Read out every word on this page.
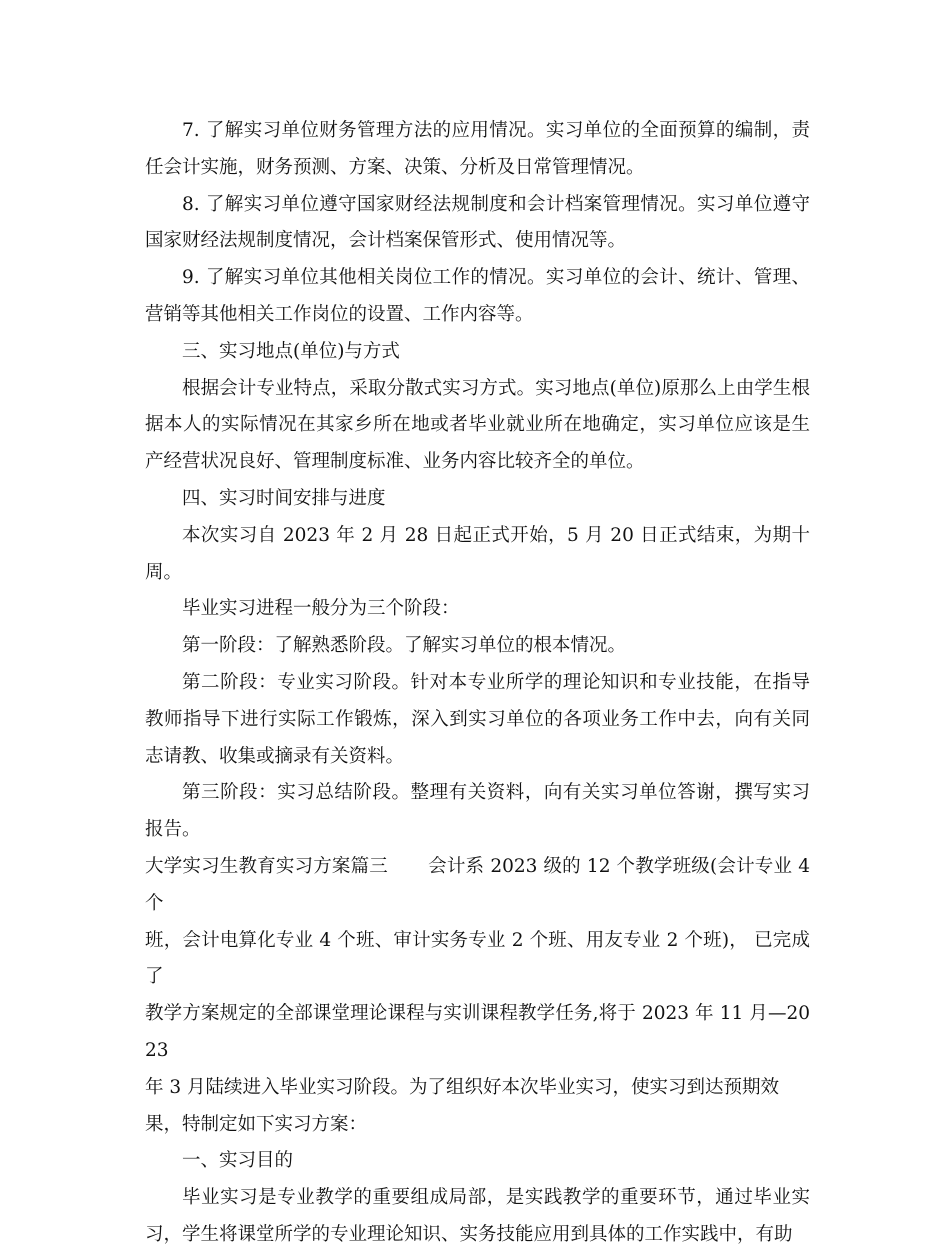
7. 了解实习单位财务管理方法的应用情况。实习单位的全面预算的编制，责任会计实施，财务预测、方案、决策、分析及日常管理情况。

8. 了解实习单位遵守国家财经法规制度和会计档案管理情况。实习单位遵守国家财经法规制度情况，会计档案保管形式、使用情况等。

9. 了解实习单位其他相关岗位工作的情况。实习单位的会计、统计、管理、营销等其他相关工作岗位的设置、工作内容等。

三、实习地点(单位)与方式

根据会计专业特点，采取分散式实习方式。实习地点(单位)原那么上由学生根据本人的实际情况在其家乡所在地或者毕业就业所在地确定，实习单位应该是生产经营状况良好、管理制度标准、业务内容比较齐全的单位。

四、实习时间安排与进度

本次实习自 2023 年 2 月 28 日起正式开始，5 月 20 日正式结束，为期十周。

毕业实习进程一般分为三个阶段：

第一阶段：了解熟悉阶段。了解实习单位的根本情况。

第二阶段：专业实习阶段。针对本专业所学的理论知识和专业技能，在指导教师指导下进行实际工作锻炼，深入到实习单位的各项业务工作中去，向有关同志请教、收集或摘录有关资料。

第三阶段：实习总结阶段。整理有关资料，向有关实习单位答谢，撰写实习报告。

大学实习生教育实习方案篇三 会计系 2023 级的 12 个教学班级(会计专业 4 个
班，会计电算化专业 4 个班、审计实务专业 2 个班、用友专业 2 个班)， 已完成了
教学方案规定的全部课堂理论课程与实训课程教学任务,将于 2023 年 11 月—2023
年 3 月陆续进入毕业实习阶段。为了组织好本次毕业实习，使实习到达预期效
果，特制定如下实习方案：

一、实习目的

毕业实习是专业教学的重要组成局部，是实践教学的重要环节，通过毕业实习，学生将课堂所学的专业理论知识、实务技能应用到具体的工作实践中，有助
